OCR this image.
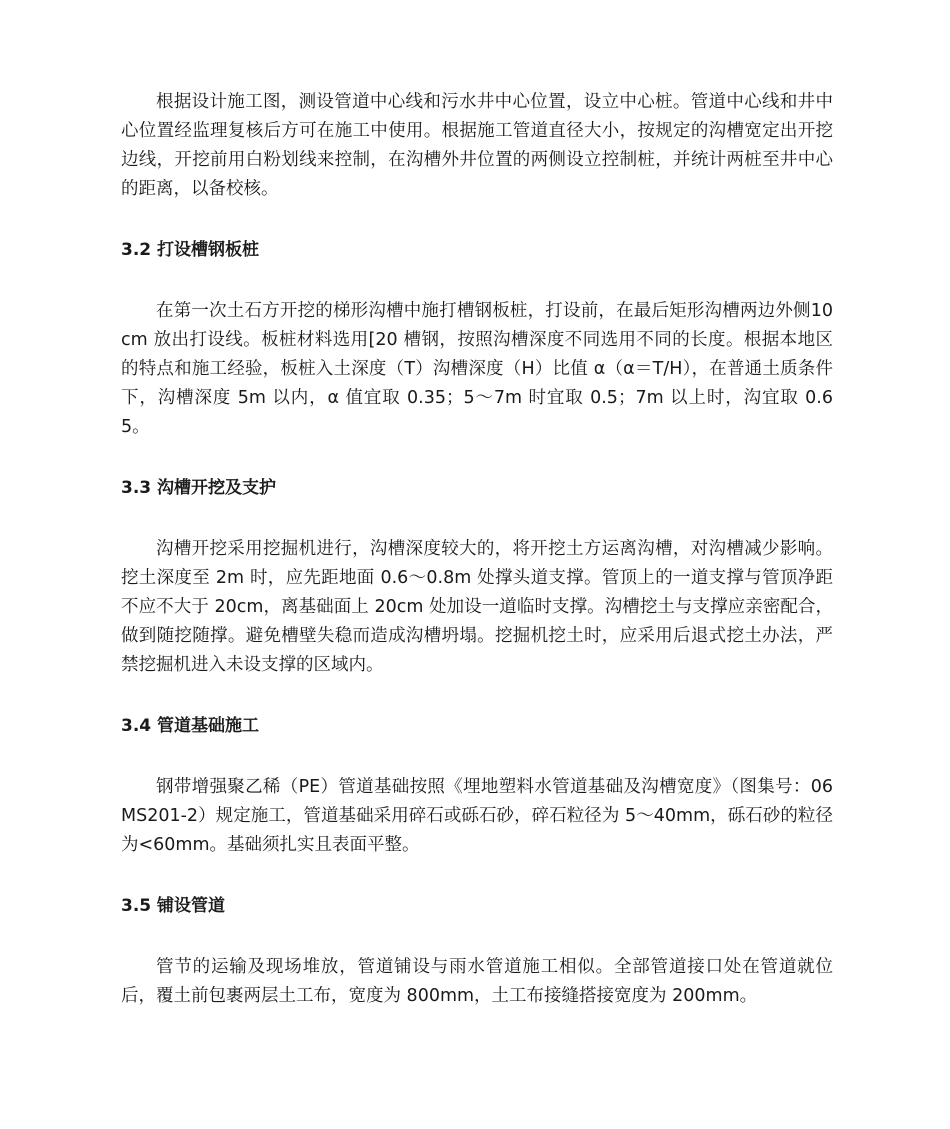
根据设计施工图，测设管道中心线和污水井中心位置，设立中心桩。管道中心线和井中心位置经监理复核后方可在施工中使用。根据施工管道直径大小，按规定的沟槽宽定出开挖边线，开挖前用白粉划线来控制，在沟槽外井位置的两侧设立控制桩，并统计两桩至井中心的距离，以备校核。

3.2 打设槽钢板桩

在第一次土石方开挖的梯形沟槽中施打槽钢板桩，打设前，在最后矩形沟槽两边外侧10cm 放出打设线。板桩材料选用[20 槽钢，按照沟槽深度不同选用不同的长度。根据本地区的特点和施工经验，板桩入土深度（T）沟槽深度（H）比值 α（α＝T/H），在普通土质条件下，沟槽深度 5m 以内，α 值宜取 0.35；5～7m 时宜取 0.5；7m 以上时，沟宜取 0.65。

3.3 沟槽开挖及支护

沟槽开挖采用挖掘机进行，沟槽深度较大的，将开挖土方运离沟槽，对沟槽减少影响。挖土深度至 2m 时，应先距地面 0.6～0.8m 处撑头道支撑。管顶上的一道支撑与管顶净距不应不大于 20cm，离基础面上 20cm 处加设一道临时支撑。沟槽挖土与支撑应亲密配合，做到随挖随撑。避免槽壁失稳而造成沟槽坍塌。挖掘机挖土时，应采用后退式挖土办法，严禁挖掘机进入未设支撑的区域内。

3.4 管道基础施工

钢带增强聚乙稀（PE）管道基础按照《埋地塑料水管道基础及沟槽宽度》（图集号：06MS201-2）规定施工，管道基础采用碎石或砾石砂，碎石粒径为 5～40mm，砾石砂的粒径为<60mm。基础须扎实且表面平整。

3.5 铺设管道

管节的运输及现场堆放，管道铺设与雨水管道施工相似。全部管道接口处在管道就位后，覆土前包裹两层土工布，宽度为 800mm，土工布接缝搭接宽度为 200mm。
